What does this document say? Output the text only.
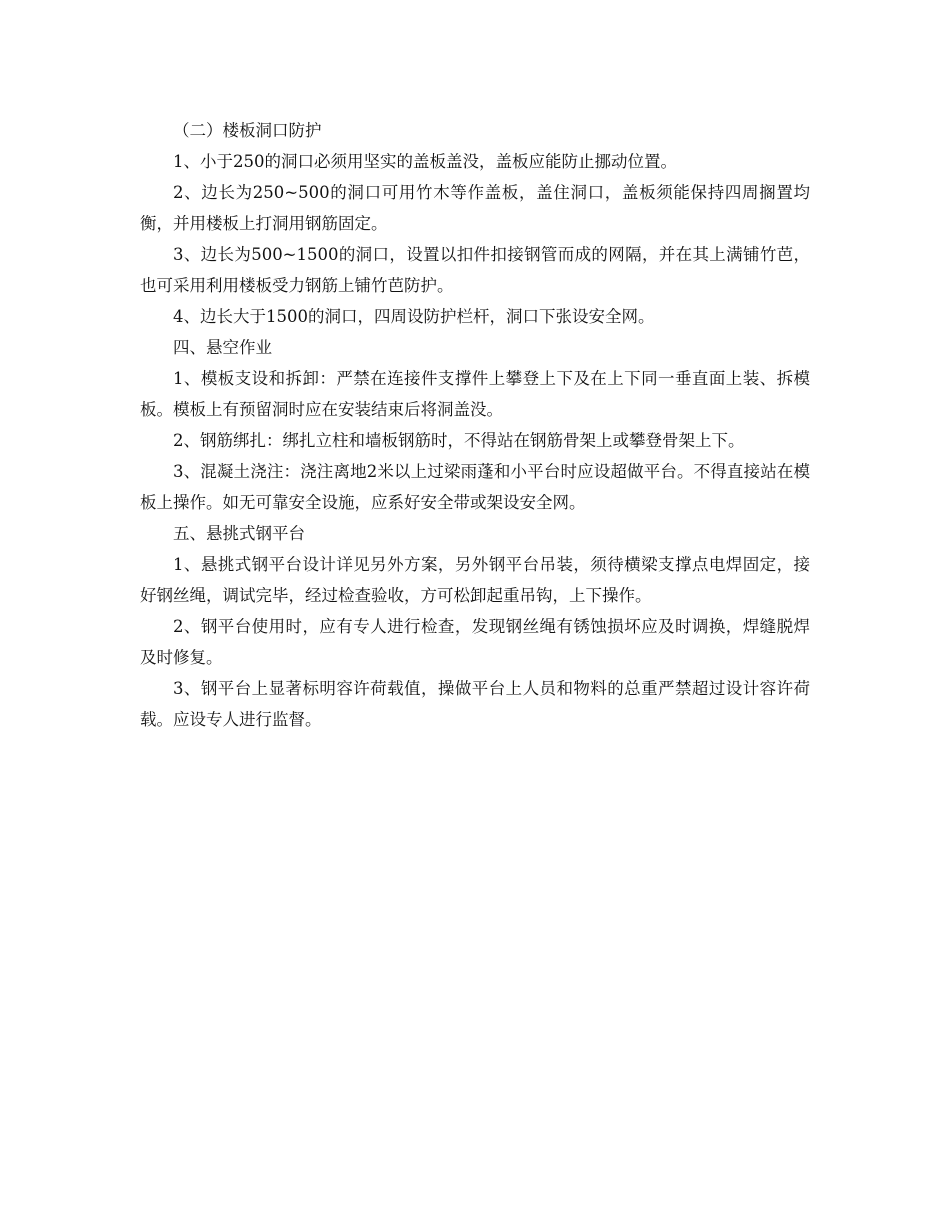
（二）楼板洞口防护

1、小于250的洞口必须用坚实的盖板盖没，盖板应能防止挪动位置。

2、边长为250~500的洞口可用竹木等作盖板，盖住洞口，盖板须能保持四周搁置均衡，并用楼板上打洞用钢筋固定。

3、边长为500~1500的洞口，设置以扣件扣接钢管而成的网隔，并在其上满铺竹芭，也可采用利用楼板受力钢筋上铺竹芭防护。

4、边长大于1500的洞口，四周设防护栏杆，洞口下张设安全网。

四、悬空作业

1、模板支设和拆卸：严禁在连接件支撑件上攀登上下及在上下同一垂直面上装、拆模板。模板上有预留洞时应在安装结束后将洞盖没。

2、钢筋绑扎：绑扎立柱和墙板钢筋时，不得站在钢筋骨架上或攀登骨架上下。

3、混凝土浇注：浇注离地2米以上过梁雨蓬和小平台时应设超做平台。不得直接站在模板上操作。如无可靠安全设施，应系好安全带或架设安全网。

五、悬挑式钢平台

1、悬挑式钢平台设计详见另外方案，另外钢平台吊装，须待横梁支撑点电焊固定，接好钢丝绳，调试完毕，经过检查验收，方可松卸起重吊钩，上下操作。

2、钢平台使用时，应有专人进行检查，发现钢丝绳有锈蚀损坏应及时调换，焊缝脱焊及时修复。

3、钢平台上显著标明容许荷载值，操做平台上人员和物料的总重严禁超过设计容许荷载。应设专人进行监督。
